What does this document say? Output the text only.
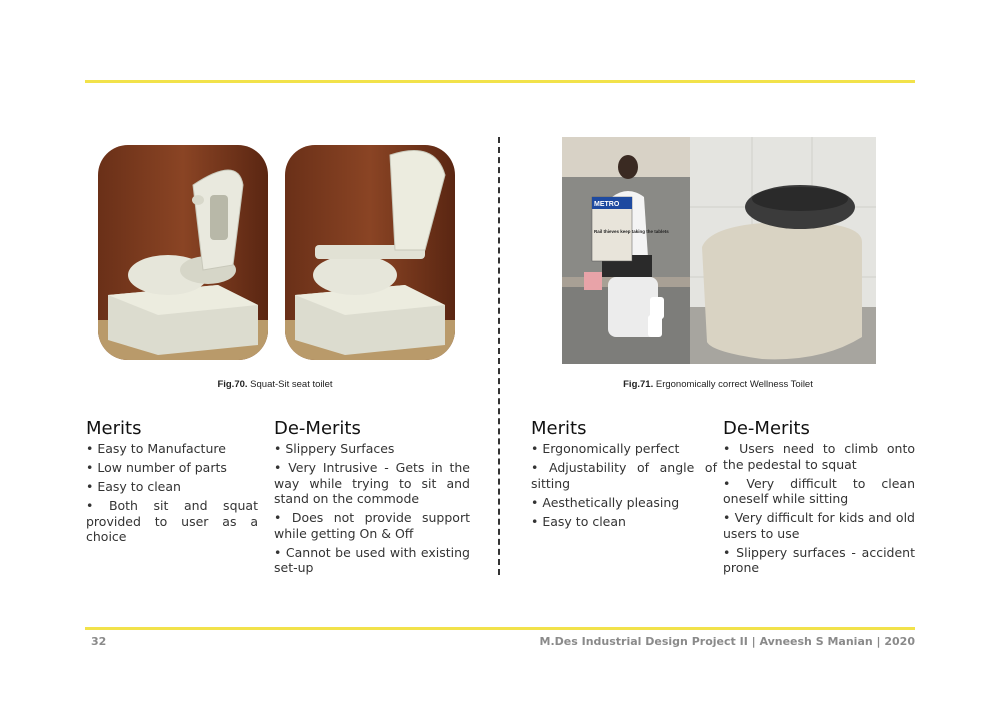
METRO
Rail thieves keep taking the tablets
Fig.70. Squat-Sit seat toilet	Fig.71. Ergonomically correct Wellness Toilet
Merits
• Easy to Manufacture
• Low number of parts
• Easy to clean
• Both sit and squat provided to user as a choice
De-Merits
• Slippery Surfaces
• Very Intrusive - Gets in the way while trying to sit and stand on the commode
• Does not provide support while getting On & Off
• Cannot be used with existing set-up
Merits
• Ergonomically perfect
• Adjustability of angle of sitting
• Aesthetically pleasing
• Easy to clean
De-Merits
• Users need to climb onto the pedestal to squat
• Very difficult to clean oneself while sitting
• Very difficult for kids and old users to use
• Slippery surfaces - accident prone
32	M.Des Industrial Design Project II | Avneesh S Manian | 2020
